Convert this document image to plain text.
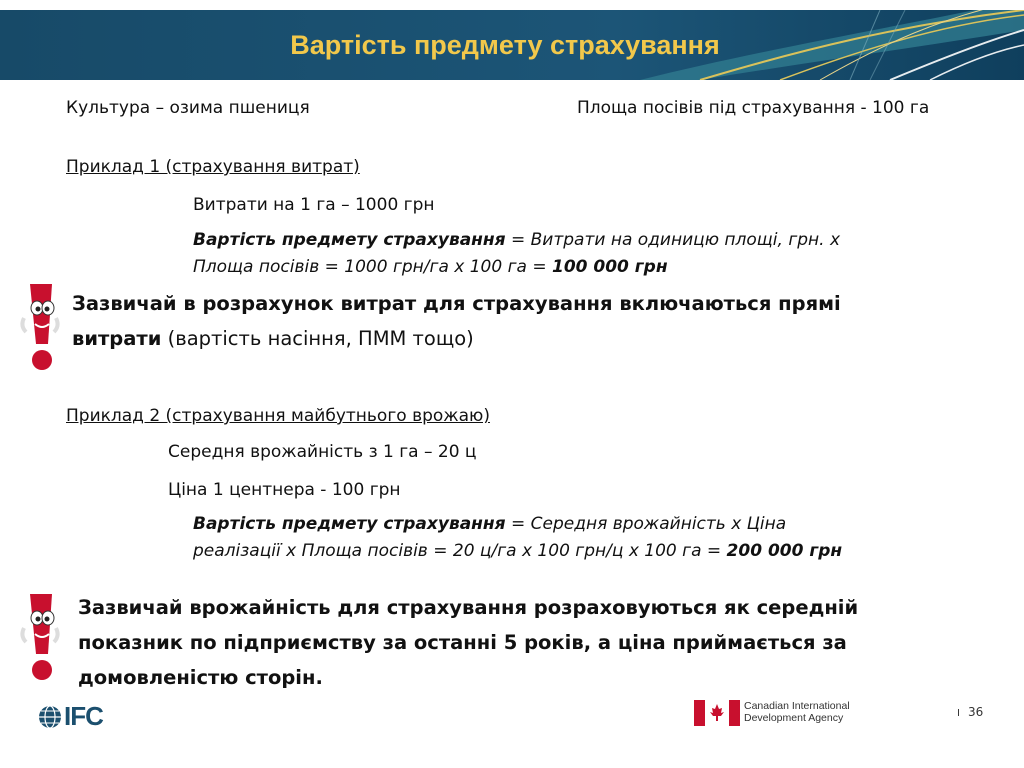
Вартість предмету страхування
Культура – озима пшениця	Площа посівів під страхування - 100 га
Приклад 1 (страхування витрат)
Витрати на 1 га – 1000 грн
Вартість предмету страхування = Витрати на одиницю площі, грн. х
Площа посівів = 1000 грн/га х 100 га = 100 000 грн
Зазвичай в розрахунок витрат для страхування включаються прямі
витрати (вартість насіння, ПММ тощо)
Приклад 2 (страхування майбутнього врожаю)
Середня врожайність з 1 га – 20 ц
Ціна 1 центнера - 100 грн
Вартість предмету страхування = Середня врожайність х Ціна
реалізації х Площа посівів = 20 ц/га х 100 грн/ц х 100 га = 200 000 грн
Зазвичай врожайність для страхування розраховуються як середній
показник по підприємству за останні 5 років, а ціна приймається за
домовленістю сторін.
IFC	Canadian International
Development Agency	I 36
